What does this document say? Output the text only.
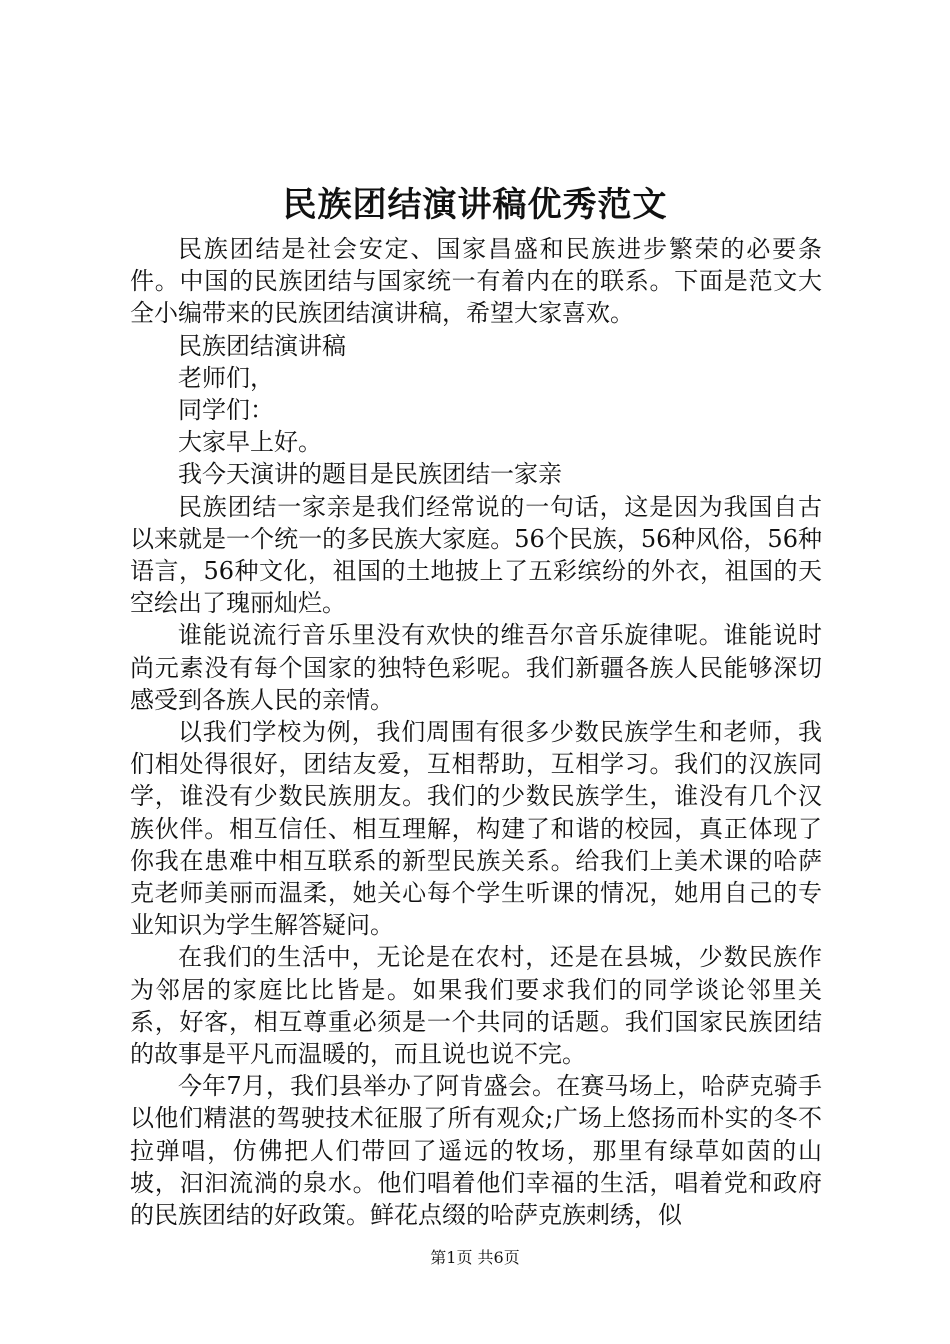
民族团结演讲稿优秀范文

民族团结是社会安定、国家昌盛和民族进步繁荣的必要条件。中国的民族团结与国家统一有着内在的联系。下面是范文大全小编带来的民族团结演讲稿，希望大家喜欢。

民族团结演讲稿

老师们，

同学们：

大家早上好。

我今天演讲的题目是民族团结一家亲

民族团结一家亲是我们经常说的一句话，这是因为我国自古以来就是一个统一的多民族大家庭。56个民族，56种风俗，56种语言，56种文化，祖国的土地披上了五彩缤纷的外衣，祖国的天空绘出了瑰丽灿烂。

谁能说流行音乐里没有欢快的维吾尔音乐旋律呢。谁能说时尚元素没有每个国家的独特色彩呢。我们新疆各族人民能够深切感受到各族人民的亲情。

以我们学校为例，我们周围有很多少数民族学生和老师，我们相处得很好，团结友爱，互相帮助，互相学习。我们的汉族同学，谁没有少数民族朋友。我们的少数民族学生，谁没有几个汉族伙伴。相互信任、相互理解，构建了和谐的校园，真正体现了你我在患难中相互联系的新型民族关系。给我们上美术课的哈萨克老师美丽而温柔，她关心每个学生听课的情况，她用自己的专业知识为学生解答疑问。

在我们的生活中，无论是在农村，还是在县城，少数民族作为邻居的家庭比比皆是。如果我们要求我们的同学谈论邻里关系，好客，相互尊重必须是一个共同的话题。我们国家民族团结的故事是平凡而温暖的，而且说也说不完。

今年7月，我们县举办了阿肯盛会。在赛马场上，哈萨克骑手以他们精湛的驾驶技术征服了所有观众;广场上悠扬而朴实的冬不拉弹唱，仿佛把人们带回了遥远的牧场，那里有绿草如茵的山坡，汩汩流淌的泉水。他们唱着他们幸福的生活，唱着党和政府的民族团结的好政策。鲜花点缀的哈萨克族刺绣，似

第1页 共6页
